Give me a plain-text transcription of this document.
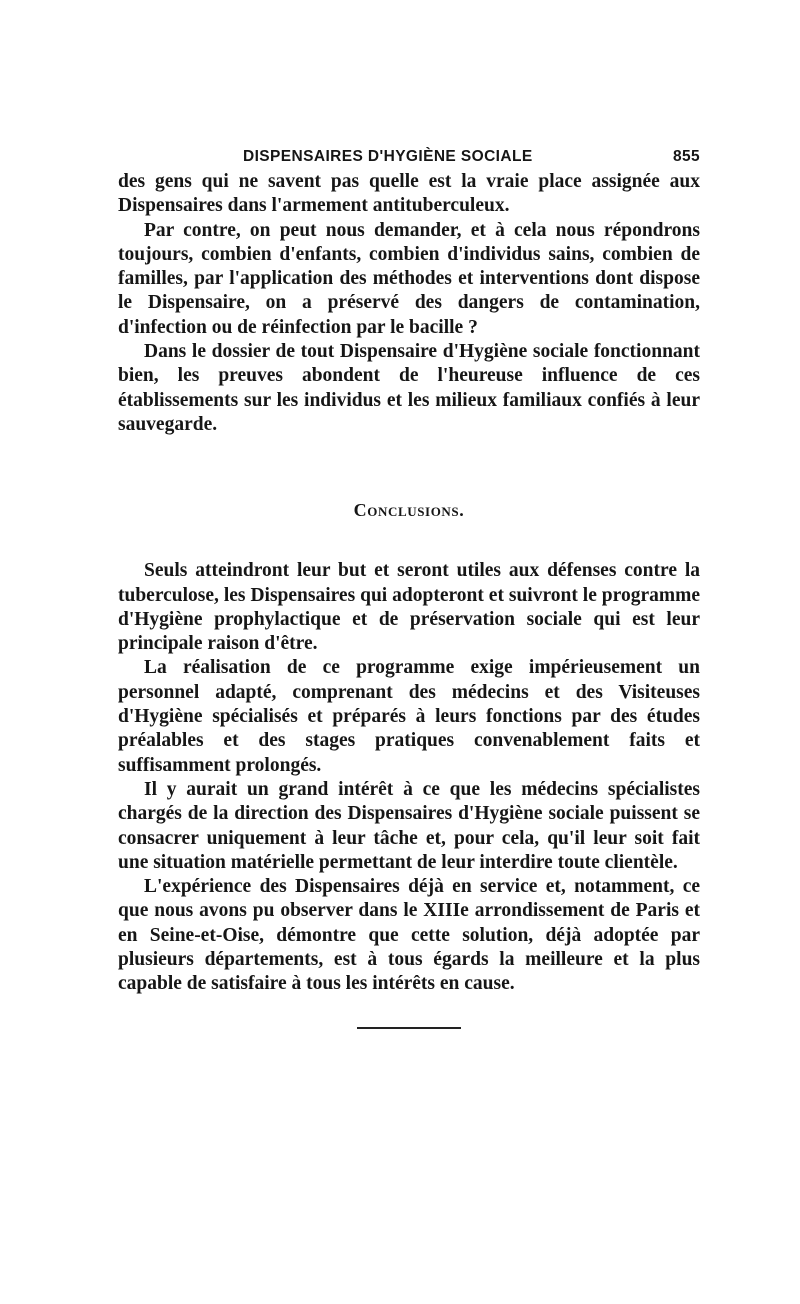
DISPENSAIRES D'HYGIÈNE SOCIALE	855

des gens qui ne savent pas quelle est la vraie place assignée aux Dispensaires dans l'armement antituberculeux.

Par contre, on peut nous demander, et à cela nous répondrons toujours, combien d'enfants, combien d'individus sains, combien de familles, par l'application des méthodes et interventions dont dispose le Dispensaire, on a préservé des dangers de contamination, d'infection ou de réinfection par le bacille ?

Dans le dossier de tout Dispensaire d'Hygiène sociale fonctionnant bien, les preuves abondent de l'heureuse influence de ces établissements sur les individus et les milieux familiaux confiés à leur sauvegarde.

Conclusions.

Seuls atteindront leur but et seront utiles aux défenses contre la tuberculose, les Dispensaires qui adopteront et suivront le programme d'Hygiène prophylactique et de préservation sociale qui est leur principale raison d'être.

La réalisation de ce programme exige impérieusement un personnel adapté, comprenant des médecins et des Visiteuses d'Hygiène spécialisés et préparés à leurs fonctions par des études préalables et des stages pratiques convenablement faits et suffisamment prolongés.

Il y aurait un grand intérêt à ce que les médecins spécialistes chargés de la direction des Dispensaires d'Hygiène sociale puissent se consacrer uniquement à leur tâche et, pour cela, qu'il leur soit fait une situation matérielle permettant de leur interdire toute clientèle.

L'expérience des Dispensaires déjà en service et, notamment, ce que nous avons pu observer dans le XIIIe arrondissement de Paris et en Seine-et-Oise, démontre que cette solution, déjà adoptée par plusieurs départements, est à tous égards la meilleure et la plus capable de satisfaire à tous les intérêts en cause.
